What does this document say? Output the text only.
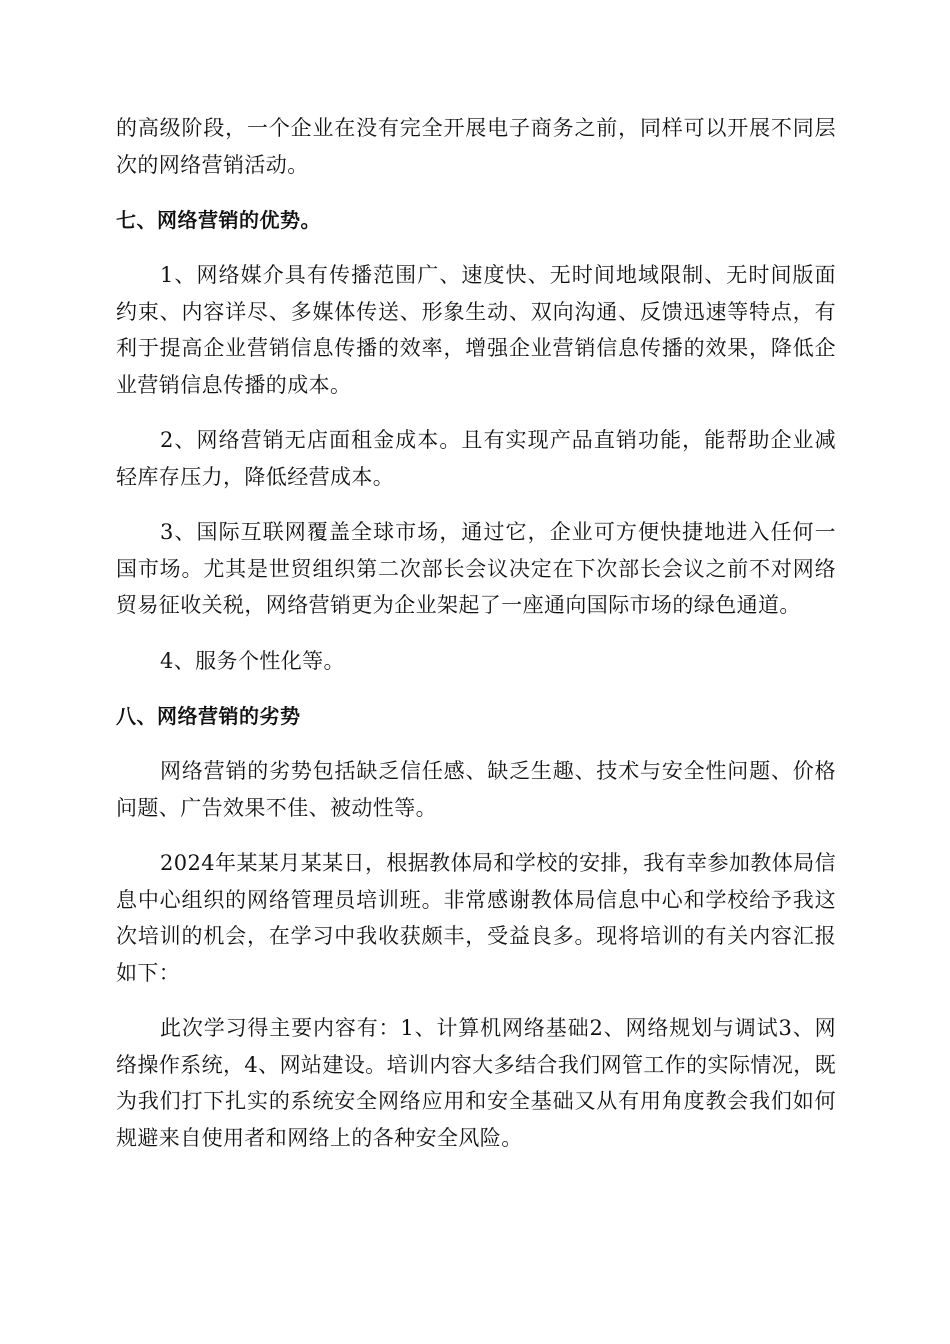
的高级阶段，一个企业在没有完全开展电子商务之前，同样可以开展不同层次的网络营销活动。

七、网络营销的优势。

1、网络媒介具有传播范围广、速度快、无时间地域限制、无时间版面约束、内容详尽、多媒体传送、形象生动、双向沟通、反馈迅速等特点，有利于提高企业营销信息传播的效率，增强企业营销信息传播的效果，降低企业营销信息传播的成本。

2、网络营销无店面租金成本。且有实现产品直销功能，能帮助企业减轻库存压力，降低经营成本。

3、国际互联网覆盖全球市场，通过它，企业可方便快捷地进入任何一国市场。尤其是世贸组织第二次部长会议决定在下次部长会议之前不对网络贸易征收关税，网络营销更为企业架起了一座通向国际市场的绿色通道。

4、服务个性化等。

八、网络营销的劣势

网络营销的劣势包括缺乏信任感、缺乏生趣、技术与安全性问题、价格问题、广告效果不佳、被动性等。

2024年某某月某某日，根据教体局和学校的安排，我有幸参加教体局信息中心组织的网络管理员培训班。非常感谢教体局信息中心和学校给予我这次培训的机会，在学习中我收获颇丰，受益良多。现将培训的有关内容汇报如下：

此次学习得主要内容有：1、计算机网络基础2、网络规划与调试3、网络操作系统，4、网站建设。培训内容大多结合我们网管工作的实际情况，既为我们打下扎实的系统安全网络应用和安全基础又从有用角度教会我们如何规避来自使用者和网络上的各种安全风险。
